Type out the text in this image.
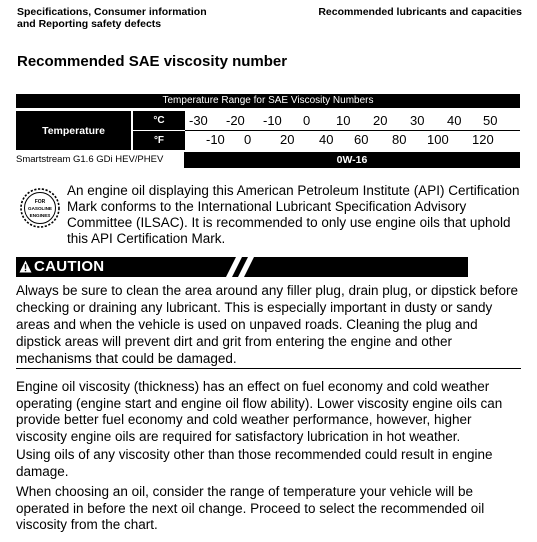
Specifications, Consumer information
and Reporting safety defects
Recommended lubricants and capacities
Recommended SAE viscosity number
Temperature Range for SAE Viscosity Numbers
Temperature
°C
°F
-30 -20 -10 0 10 20 30 40 50
-10 0 20 40 60 80 100 120
Smartstream G1.6 GDi HEV/PHEV	0W-16
FOR
GASOLINE
ENGINES
An engine oil displaying this American Petroleum Institute (API) Certification Mark conforms to the International Lubricant Specification Advisory Committee (ILSAC). It is recommended to only use engine oils that uphold this API Certification Mark.
CAUTION
Always be sure to clean the area around any filler plug, drain plug, or dipstick before checking or draining any lubricant. This is especially important in dusty or sandy areas and when the vehicle is used on unpaved roads. Cleaning the plug and dipstick areas will prevent dirt and grit from entering the engine and other mechanisms that could be damaged.
Engine oil viscosity (thickness) has an effect on fuel economy and cold weather operating (engine start and engine oil flow ability). Lower viscosity engine oils can provide better fuel economy and cold weather performance, however, higher viscosity engine oils are required for satisfactory lubrication in hot weather.
Using oils of any viscosity other than those recommended could result in engine damage.
When choosing an oil, consider the range of temperature your vehicle will be operated in before the next oil change. Proceed to select the recommended oil viscosity from the chart.
